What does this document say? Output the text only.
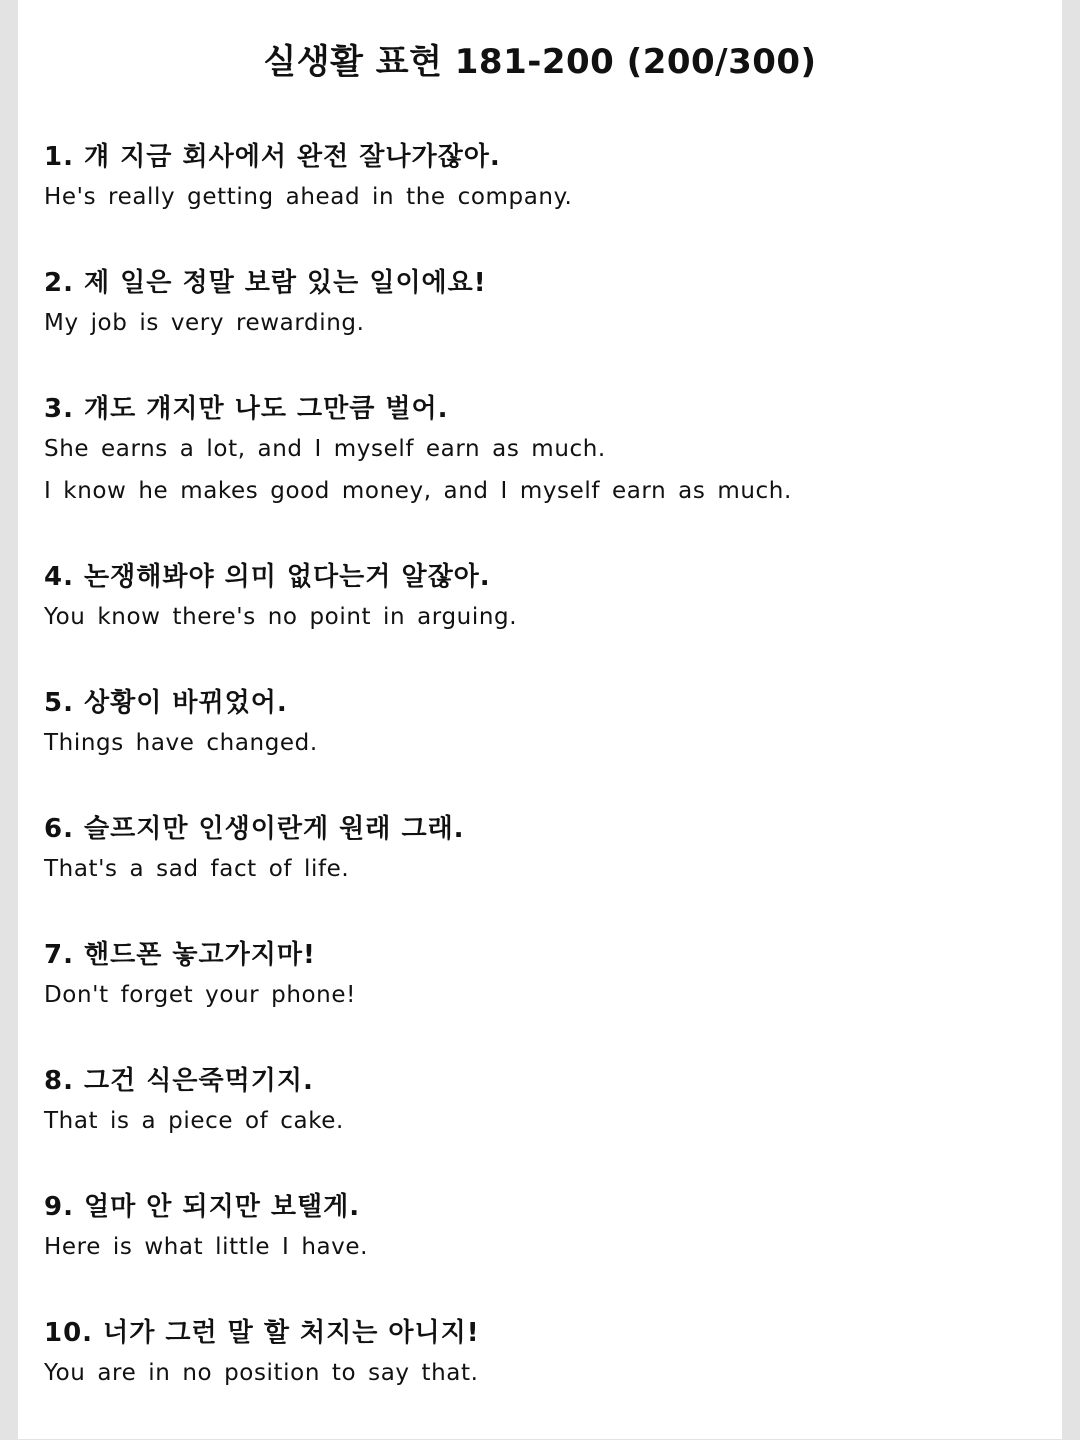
실생활 표현 181-200 (200/300)
1. 걔 지금 회사에서 완전 잘나가잖아.
He's really getting ahead in the company.
2. 제 일은 정말 보람 있는 일이에요!
My job is very rewarding.
3. 걔도 걔지만 나도 그만큼 벌어.
She earns a lot, and I myself earn as much.
I know he makes good money, and I myself earn as much.
4. 논쟁해봐야 의미 없다는거 알잖아.
You know there's no point in arguing.
5. 상황이 바뀌었어.
Things have changed.
6. 슬프지만 인생이란게 원래 그래.
That's a sad fact of life.
7. 핸드폰 놓고가지마!
Don't forget your phone!
8. 그건 식은죽먹기지.
That is a piece of cake.
9. 얼마 안 되지만 보탤게.
Here is what little I have.
10. 너가 그런 말 할 처지는 아니지!
You are in no position to say that.
